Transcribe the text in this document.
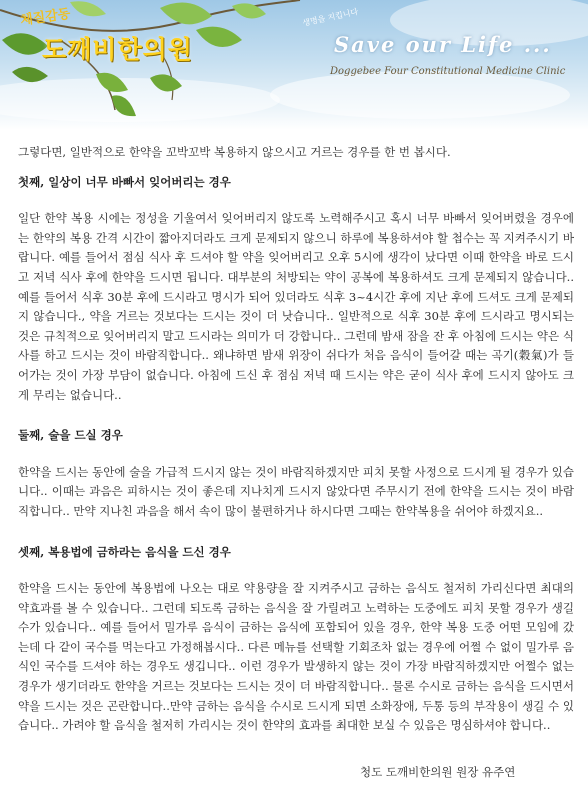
체질감동
도깨비한의원
생명을 지킵니다
Save our Life ...
Doggebee Four Constitutional Medicine Clinic

그렇다면, 일반적으로 한약을 꼬박꼬박 복용하지 않으시고 거르는 경우를 한 번 봅시다.

첫째, 일상이 너무 바빠서 잊어버리는 경우

일단 한약 복용 시에는 정성을 기울여서 잊어버리지 않도록 노력해주시고 혹시 너무 바빠서 잊어버렸을 경우에는 한약의 복용 간격 시간이 짧아지더라도 크게 문제되지 않으니 하루에 복용하셔야 할 첩수는 꼭 지켜주시기 바랍니다. 예를 들어서 점심 식사 후 드셔야 할 약을 잊어버리고 오후 5시에 생각이 났다면 이때 한약을 바로 드시고 저녁 식사 후에 한약을 드시면 됩니다. 대부분의 처방되는 약이 공복에 복용하셔도 크게 문제되지 않습니다.. 예를 들어서 식후 30분 후에 드시라고 명시가 되어 있더라도 식후 3~4시간 후에 지난 후에 드셔도 크게 문제되지 않습니다., 약을 거르는 것보다는 드시는 것이 더 낫습니다.. 일반적으로 식후 30분 후에 드시라고 명시되는 것은 규칙적으로 잊어버리지 말고 드시라는 의미가 더 강합니다.. 그런데 밤새 잠을 잔 후 아침에 드시는 약은 식사를 하고 드시는 것이 바람직합니다.. 왜냐하면 밤새 위장이 쉬다가 처음 음식이 들어갈 때는 곡기(穀氣)가 들어가는 것이 가장 부담이 없습니다. 아침에 드신 후 점심 저녁 때 드시는 약은 굳이 식사 후에 드시지 않아도 크게 무리는 없습니다..

둘째, 술을 드실 경우

한약을 드시는 동안에 술을 가급적 드시지 않는 것이 바람직하겠지만 피치 못할 사정으로 드시게 될 경우가 있습니다.. 이때는 과음은 피하시는 것이 좋은데 지나치게 드시지 않았다면 주무시기 전에 한약을 드시는 것이 바람직합니다.. 만약 지나친 과음을 해서 속이 많이 불편하거나 하시다면 그때는 한약복용을 쉬어야 하겠지요..

셋째, 복용법에 금하라는 음식을 드신 경우

한약을 드시는 동안에 복용법에 나오는 대로 약용량을 잘 지켜주시고 금하는 음식도 철저히 가리신다면 최대의 약효과를 볼 수 있습니다.. 그런데 되도록 금하는 음식을 잘 가릴려고 노력하는 도중에도 피치 못할 경우가 생길 수가 있습니다.. 예를 들어서 밀가루 음식이 금하는 음식에 포함되어 있을 경우, 한약 복용 도중 어떤 모임에 갔는데 다 같이 국수를 먹는다고 가정해봅시다.. 다른 메뉴를 선택할 기회조차 없는 경우에 어쩔 수 없이 밀가루 음식인 국수를 드셔야 하는 경우도 생깁니다.. 이런 경우가 발생하지 않는 것이 가장 바람직하겠지만 어쩔수 없는 경우가 생기더라도 한약을 거르는 것보다는 드시는 것이 더 바람직합니다.. 물론 수시로 금하는 음식을 드시면서 약을 드시는 것은 곤란합니다..만약 금하는 음식을 수시로 드시게 되면 소화장애, 두통 등의 부작용이 생길 수 있습니다.. 가려야 할 음식을 철저히 가리시는 것이 한약의 효과를 최대한 보실 수 있음은 명심하셔야 합니다..

청도 도깨비한의원 원장 유주연
